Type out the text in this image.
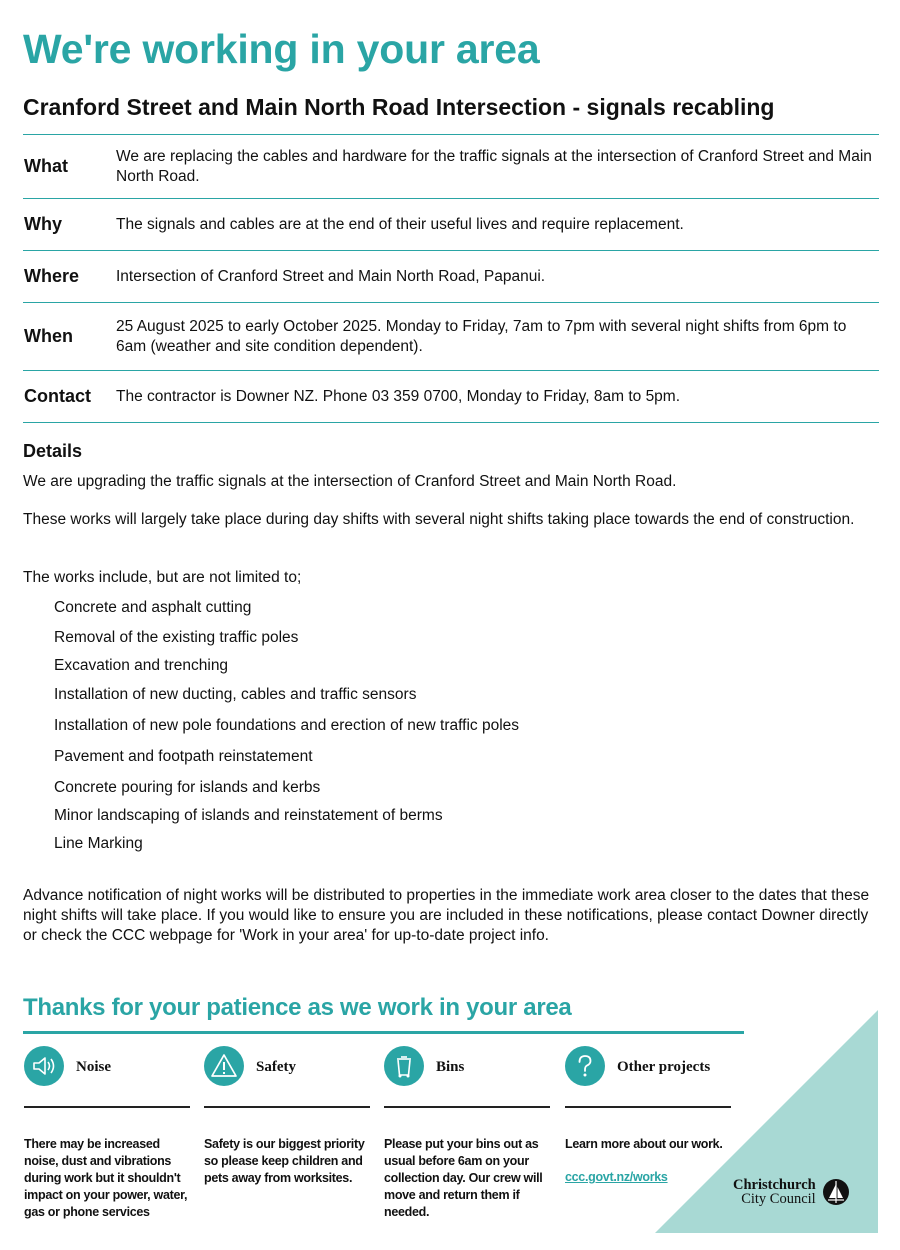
We're working in your area
Cranford Street and Main North Road Intersection - signals recabling
What	We are replacing the cables and hardware for the traffic signals at the intersection of Cranford Street and Main North Road.
Why	The signals and cables are at the end of their useful lives and require replacement.
Where	Intersection of Cranford Street and Main North Road, Papanui.
When	25 August 2025 to early October 2025. Monday to Friday, 7am to 7pm with several night shifts from 6pm to 6am (weather and site condition dependent).
Contact	The contractor is Downer NZ. Phone 03 359 0700, Monday to Friday, 8am to 5pm.
Details

We are upgrading the traffic signals at the intersection of Cranford Street and Main North Road.

These works will largely take place during day shifts with several night shifts taking place towards the end of construction.

The works include, but are not limited to;

Concrete and asphalt cutting
Removal of the existing traffic poles
Excavation and trenching
Installation of new ducting, cables and traffic sensors
Installation of new pole foundations and erection of new traffic poles
Pavement and footpath reinstatement
Concrete pouring for islands and kerbs
Minor landscaping of islands and reinstatement of berms
Line Marking

Advance notification of night works will be distributed to properties in the immediate work area closer to the dates that these night shifts will take place. If you would like to ensure you are included in these notifications, please contact Downer directly or check the CCC webpage for 'Work in your area' for up-to-date project info.

Thanks for your patience as we work in your area
Noise
There may be increased noise, dust and vibrations during work but it shouldn't impact on your power, water, gas or phone services
Safety
Safety is our biggest priority so please keep children and pets away from worksites.
Bins
Please put your bins out as usual before 6am on your collection day. Our crew will move and return them if needed.
Other projects
Learn more about our work.
ccc.govt.nz/works	Christchurch
City Council
